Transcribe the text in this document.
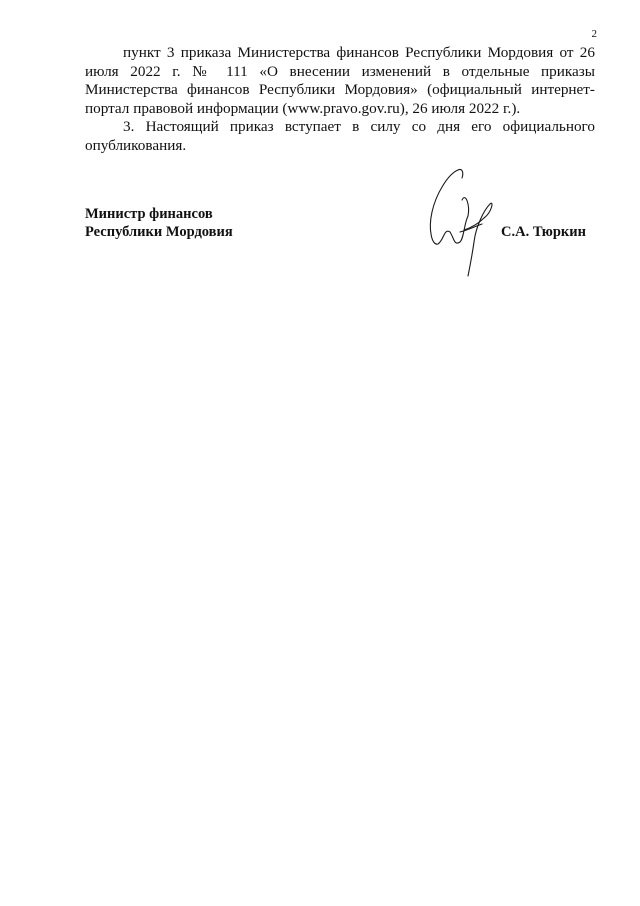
2
пункт 3 приказа Министерства финансов Республики Мордовия от 26
июля 2022 г. № 111 «О внесении изменений в отдельные приказы
Министерства финансов Республики Мордовия» (официальный интернет-
портал правовой информации (www.pravo.gov.ru), 26 июля 2022 г.).
3. Настоящий приказ вступает в силу со дня его официального
опубликования.
Министр финансов
Республики Мордовия	С.А. Тюркин
